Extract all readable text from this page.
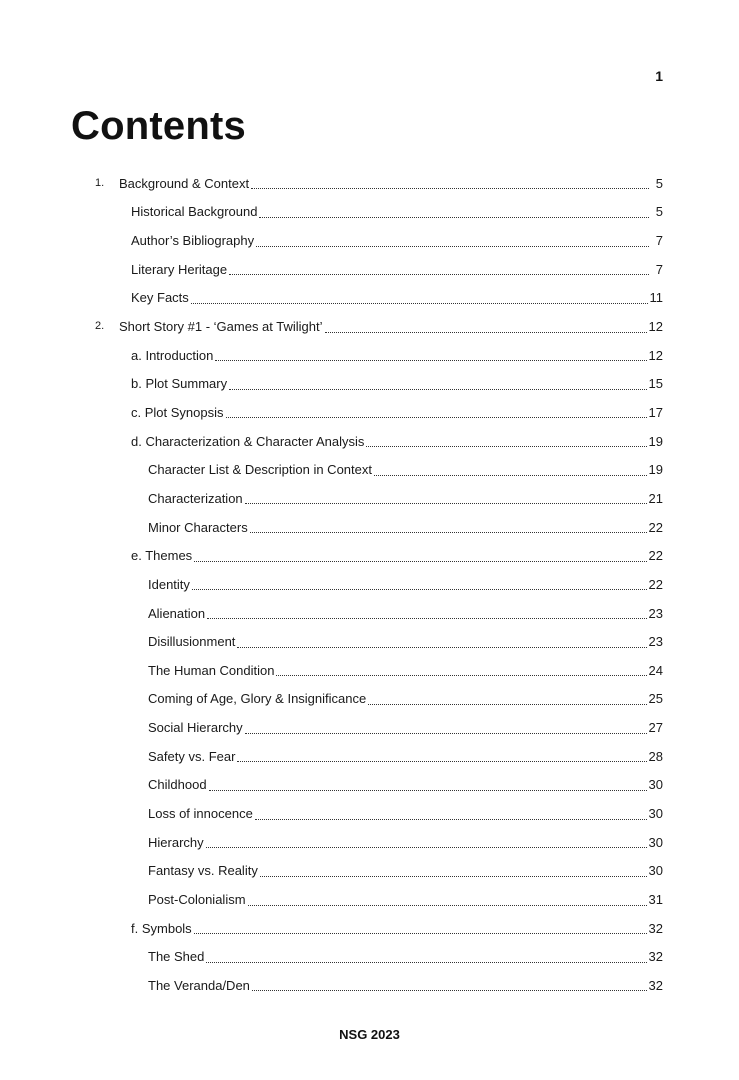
1
Contents
1.	Background & Context	5
Historical Background	5
Author’s Bibliography	7
Literary Heritage	7
Key Facts	11
2.	Short Story #1 - ‘Games at Twilight’	12
a. Introduction	12
b. Plot Summary	15
c. Plot Synopsis	17
d. Characterization & Character Analysis	19
Character List & Description in Context	19
Characterization	21
Minor Characters	22
e. Themes	22
Identity	22
Alienation	23
Disillusionment	23
The Human Condition	24
Coming of Age, Glory & Insignificance	25
Social Hierarchy	27
Safety vs. Fear	28
Childhood	30
Loss of innocence	30
Hierarchy	30
Fantasy vs. Reality	30
Post-Colonialism	31
f. Symbols	32
The Shed	32
The Veranda/Den	32
NSG 2023
